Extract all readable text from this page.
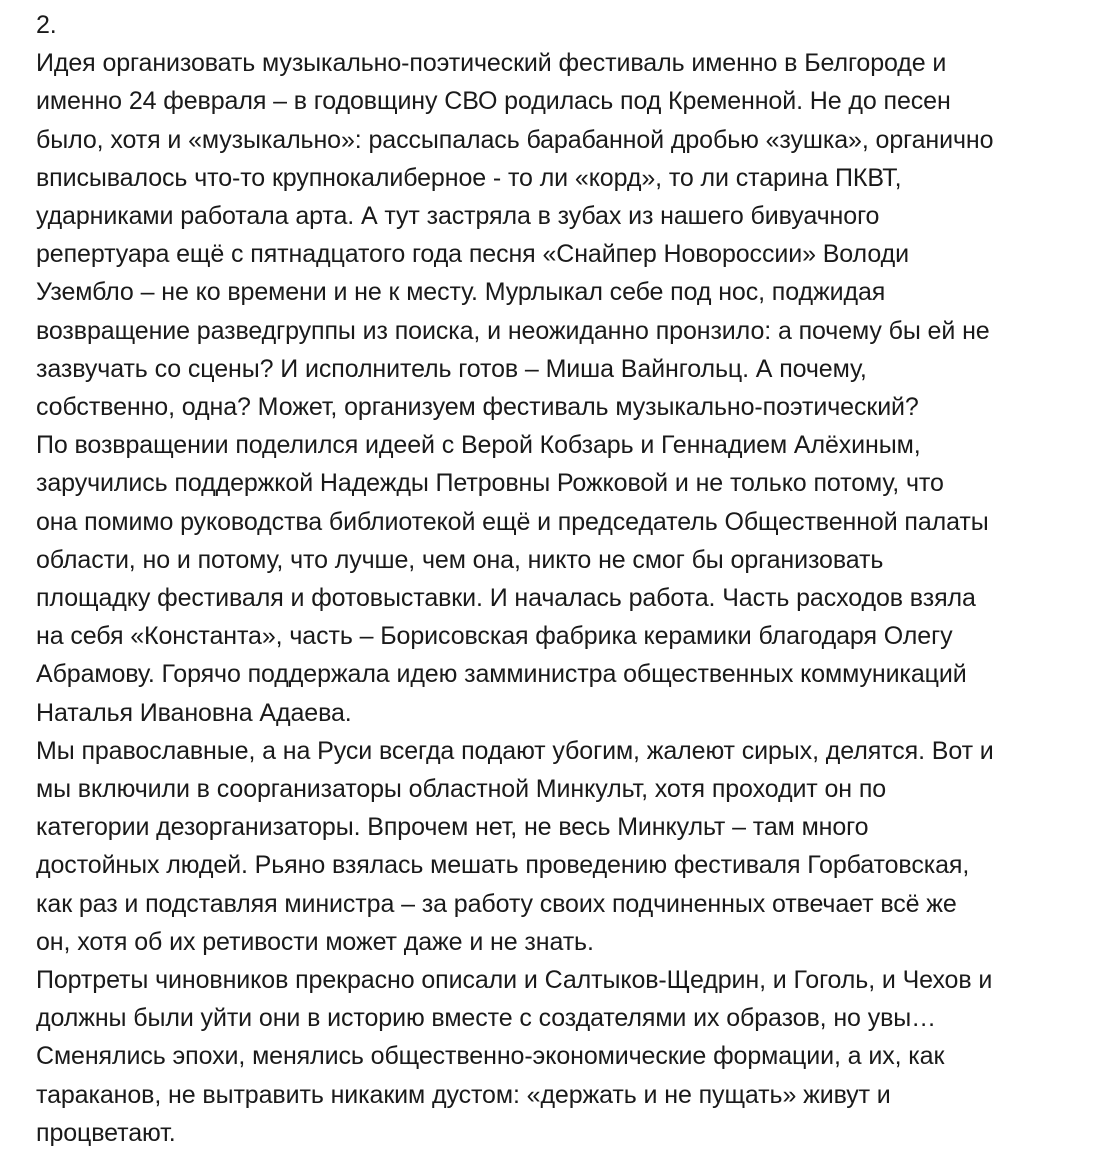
2.
Идея организовать музыкально-поэтический фестиваль именно в Белгороде и
именно 24 февраля – в годовщину СВО родилась под Кременной. Не до песен
было, хотя и «музыкально»: рассыпалась барабанной дробью «зушка», органично
вписывалось что-то крупнокалиберное - то ли «корд», то ли старина ПКВТ,
ударниками работала арта. А тут застряла в зубах из нашего бивуачного
репертуара ещё с пятнадцатого года песня «Снайпер Новороссии» Володи
Узембло – не ко времени и не к месту. Мурлыкал себе под нос, поджидая
возвращение разведгруппы из поиска, и неожиданно пронзило: а почему бы ей не
зазвучать со сцены? И исполнитель готов – Миша Вайнгольц. А почему,
собственно, одна? Может, организуем фестиваль музыкально-поэтический?
По возвращении поделился идеей с Верой Кобзарь и Геннадием Алёхиным,
заручились поддержкой Надежды Петровны Рожковой и не только потому, что
она помимо руководства библиотекой ещё и председатель Общественной палаты
области, но и потому, что лучше, чем она, никто не смог бы организовать
площадку фестиваля и фотовыставки. И началась работа. Часть расходов взяла
на себя «Константа», часть – Борисовская фабрика керамики благодаря Олегу
Абрамову. Горячо поддержала идею замминистра общественных коммуникаций
Наталья Ивановна Адаева.
Мы православные, а на Руси всегда подают убогим, жалеют сирых, делятся. Вот и
мы включили в соорганизаторы областной Минкульт, хотя проходит он по
категории дезорганизаторы. Впрочем нет, не весь Минкульт – там много
достойных людей. Рьяно взялась мешать проведению фестиваля Горбатовская,
как раз и подставляя министра – за работу своих подчиненных отвечает всё же
он, хотя об их ретивости может даже и не знать.
Портреты чиновников прекрасно описали и Салтыков-Щедрин, и Гоголь, и Чехов и
должны были уйти они в историю вместе с создателями их образов, но увы…
Сменялись эпохи, менялись общественно-экономические формации, а их, как
тараканов, не вытравить никаким дустом: «держать и не пущать» живут и
процветают.
